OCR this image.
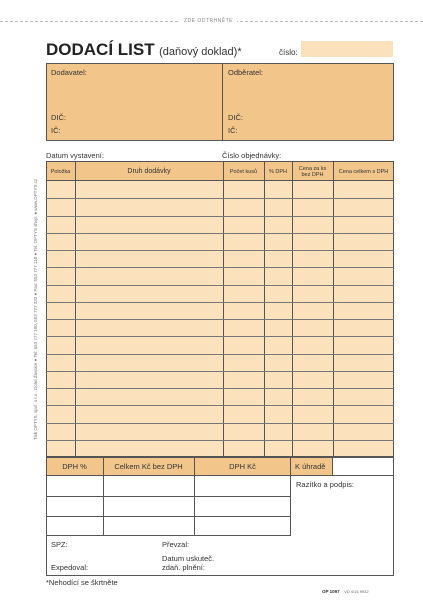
ZDE ODTRHNĚTE
Tisk OPTYS, spol. s r.o., Dolní Životice ● Tel: 553 777 100, 553 777 333 ● Fax: 553 777 110 ● Tel. OPTYS shop: ● www.OPTYS.cz
DODACÍ LIST (daňový doklad)*	číslo:
Dodavatel:
DIČ:
IČ:
Odběratel:
DIČ:
IČ:
Datum vystavení:	Číslo objednávky:
Položka	Druh dodávky	Počet kusů	% DPH	Cena za ks bez DPH	Cena celkem s DPH
DPH %	Celkem Kč bez DPH	DPH Kč	K úhradě
Razítko a podpis:
SPZ:	Převzal:
Expedoval:
Datum uskuteč. zdaň. plnění:
*Nehodící se škrtněte
OP 1097 VD 4/15 9932
